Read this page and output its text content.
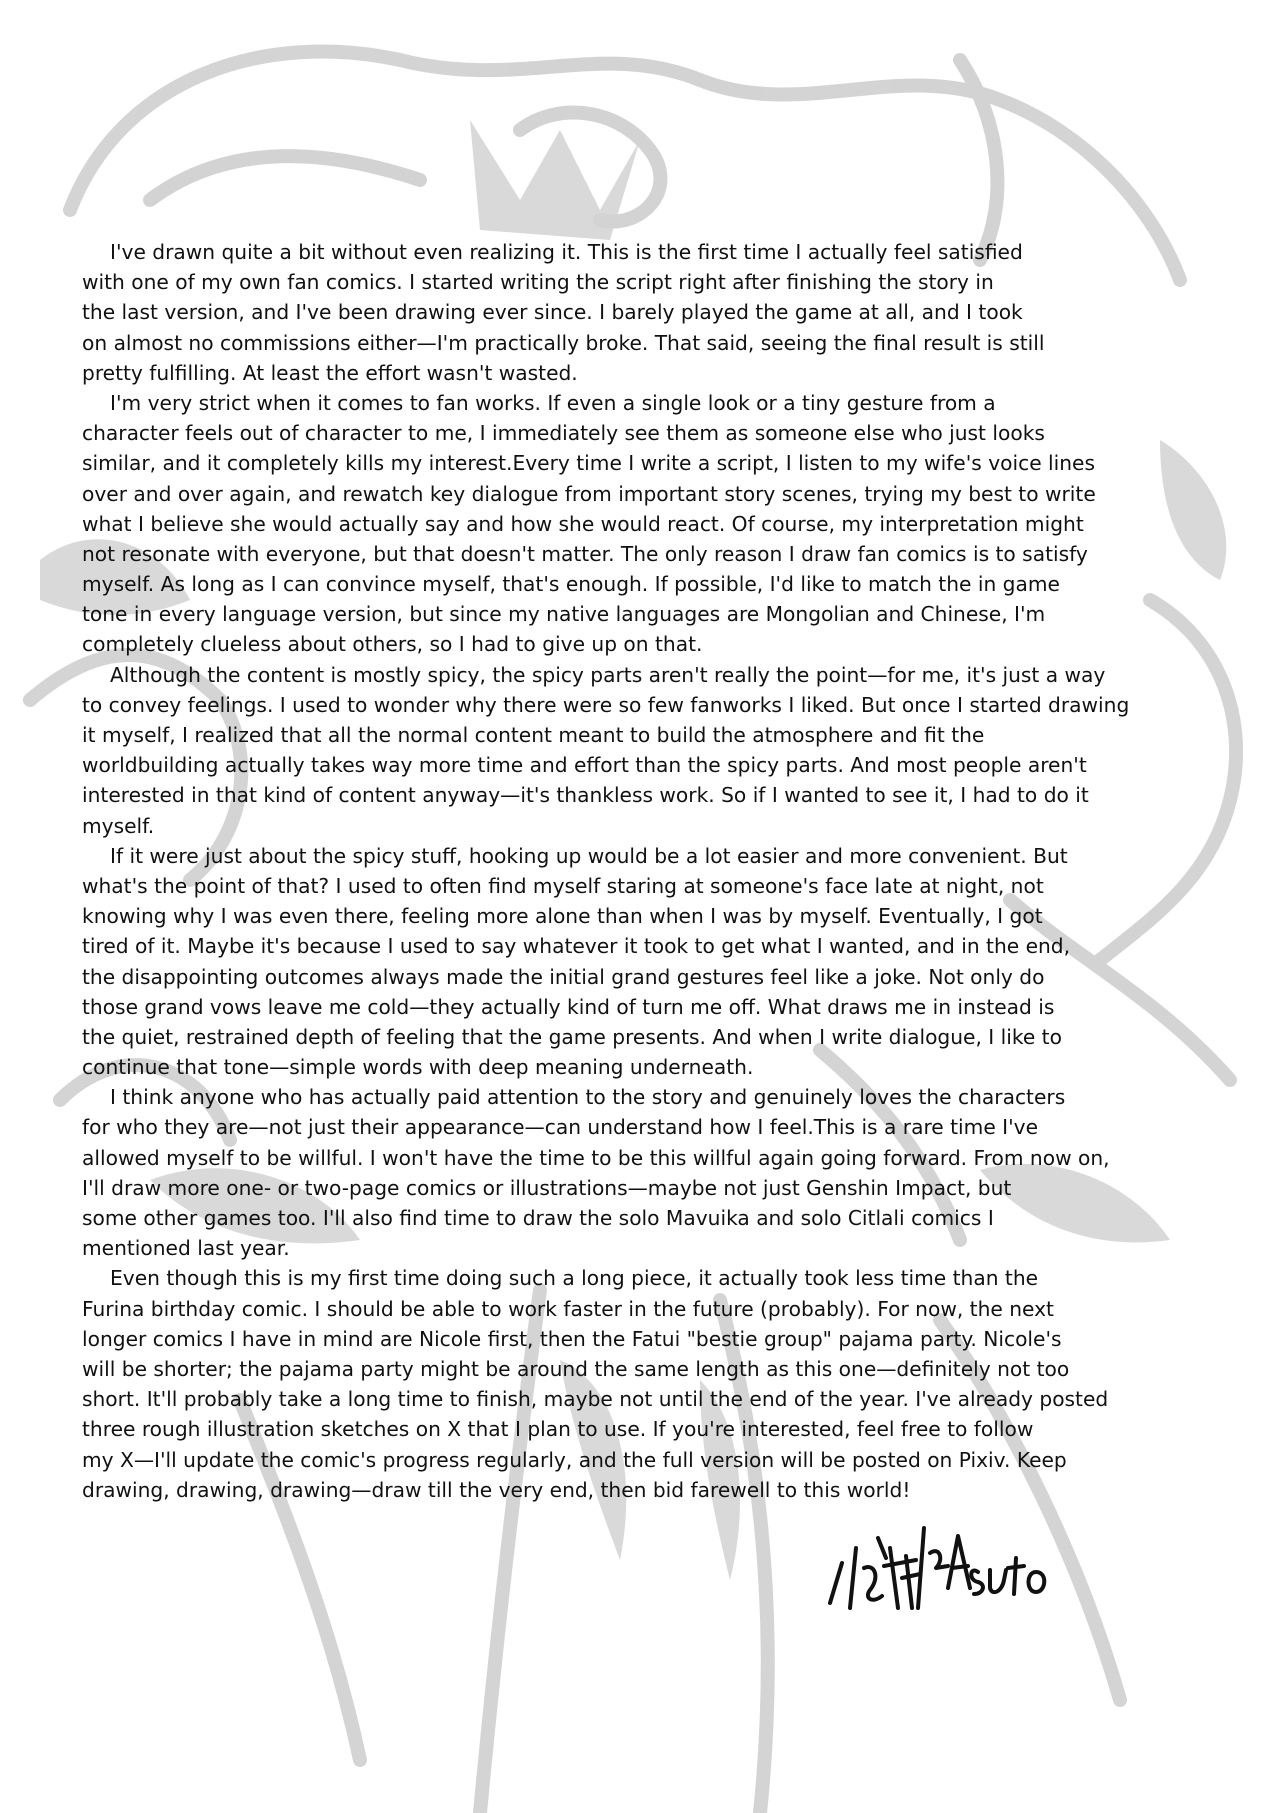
I've drawn quite a bit without even realizing it. This is the first time I actually feel satisfied
with one of my own fan comics. I started writing the script right after finishing the story in
the last version, and I've been drawing ever since. I barely played the game at all, and I took
on almost no commissions either—I'm practically broke. That said, seeing the final result is still
pretty fulfilling. At least the effort wasn't wasted.
I'm very strict when it comes to fan works. If even a single look or a tiny gesture from a
character feels out of character to me, I immediately see them as someone else who just looks
similar, and it completely kills my interest.Every time I write a script, I listen to my wife's voice lines
over and over again, and rewatch key dialogue from important story scenes, trying my best to write
what I believe she would actually say and how she would react. Of course, my interpretation might
not resonate with everyone, but that doesn't matter. The only reason I draw fan comics is to satisfy
myself. As long as I can convince myself, that's enough. If possible, I'd like to match the in game
tone in every language version, but since my native languages are Mongolian and Chinese, I'm
completely clueless about others, so I had to give up on that.
Although the content is mostly spicy, the spicy parts aren't really the point—for me, it's just a way
to convey feelings. I used to wonder why there were so few fanworks I liked. But once I started drawing
it myself, I realized that all the normal content meant to build the atmosphere and fit the
worldbuilding actually takes way more time and effort than the spicy parts. And most people aren't
interested in that kind of content anyway—it's thankless work. So if I wanted to see it, I had to do it
myself.
If it were just about the spicy stuff, hooking up would be a lot easier and more convenient. But
what's the point of that? I used to often find myself staring at someone's face late at night, not
knowing why I was even there, feeling more alone than when I was by myself. Eventually, I got
tired of it. Maybe it's because I used to say whatever it took to get what I wanted, and in the end,
the disappointing outcomes always made the initial grand gestures feel like a joke. Not only do
those grand vows leave me cold—they actually kind of turn me off. What draws me in instead is
the quiet, restrained depth of feeling that the game presents. And when I write dialogue, I like to
continue that tone—simple words with deep meaning underneath.
I think anyone who has actually paid attention to the story and genuinely loves the characters
for who they are—not just their appearance—can understand how I feel.This is a rare time I've
allowed myself to be willful. I won't have the time to be this willful again going forward. From now on,
I'll draw more one- or two-page comics or illustrations—maybe not just Genshin Impact, but
some other games too. I'll also find time to draw the solo Mavuika and solo Citlali comics I
mentioned last year.
Even though this is my first time doing such a long piece, it actually took less time than the
Furina birthday comic. I should be able to work faster in the future (probably). For now, the next
longer comics I have in mind are Nicole first, then the Fatui "bestie group" pajama party. Nicole's
will be shorter; the pajama party might be around the same length as this one—definitely not too
short. It'll probably take a long time to finish, maybe not until the end of the year. I've already posted
three rough illustration sketches on X that I plan to use. If you're interested, feel free to follow
my X—I'll update the comic's progress regularly, and the full version will be posted on Pixiv. Keep
drawing, drawing, drawing—draw till the very end, then bid farewell to this world!
